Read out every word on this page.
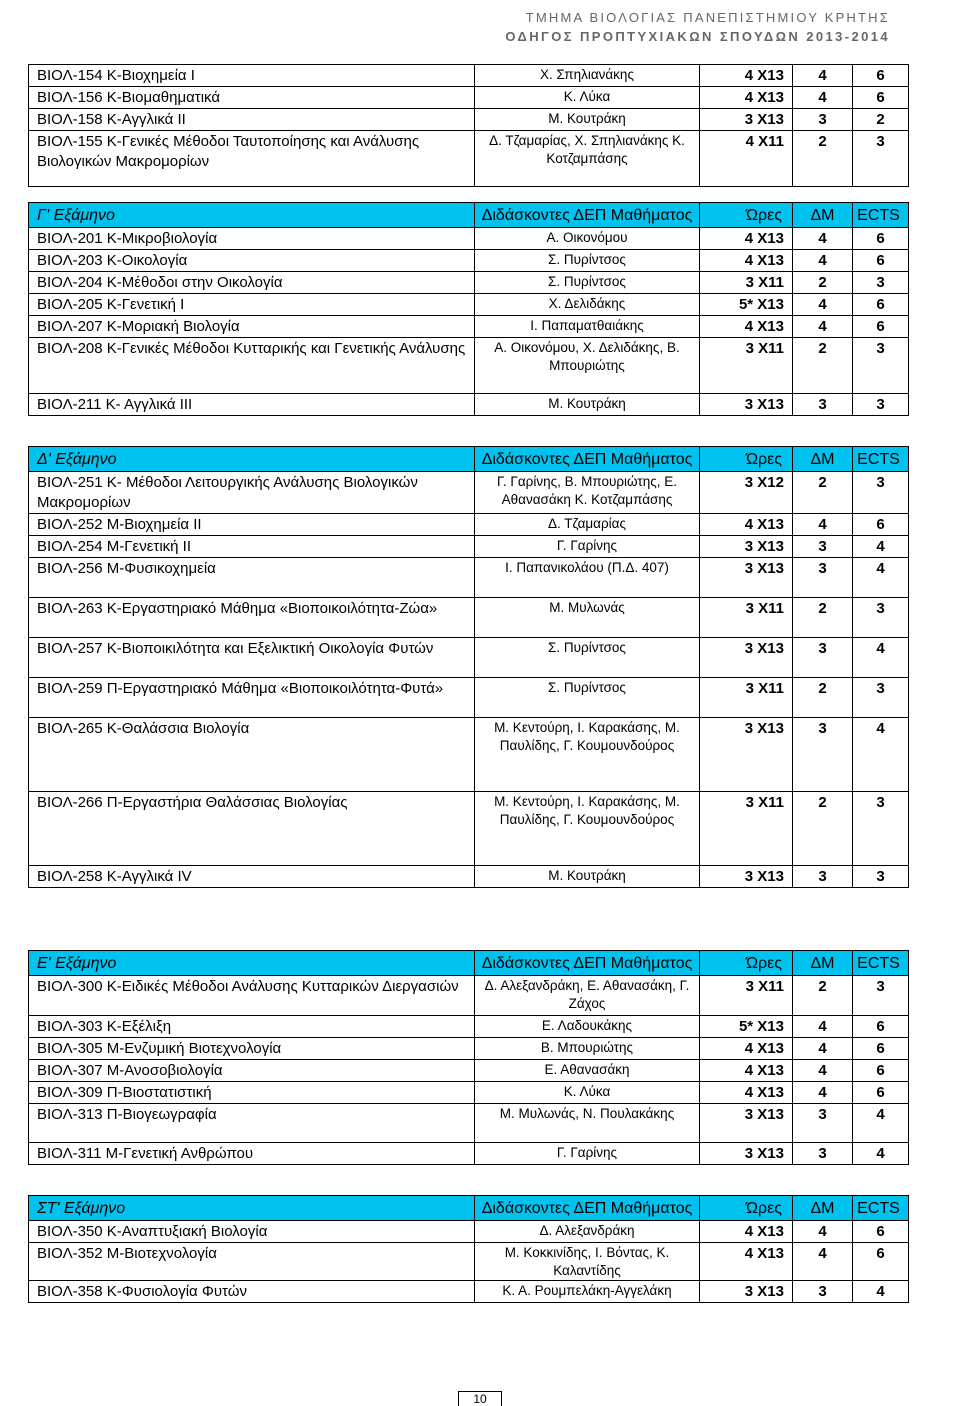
ΤΜΗΜΑ ΒΙΟΛΟΓΙΑΣ ΠΑΝΕΠΙΣΤΗΜΙΟΥ ΚΡΗΤΗΣ
ΟΔΗΓΟΣ ΠΡΟΠΤΥΧΙΑΚΩΝ ΣΠΟΥΔΩΝ 2013-2014
ΒΙΟΛ-154 Κ-Βιοχημεία Ι	Χ. Σπηλιανάκης	4 Χ13	4	6
ΒΙΟΛ-156 Κ-Βιομαθηματικά	Κ. Λύκα	4 Χ13	4	6
ΒΙΟΛ-158 Κ-Αγγλικά ΙΙ	Μ. Κουτράκη	3 Χ13	3	2
ΒΙΟΛ-155 Κ-Γενικές Μέθοδοι Ταυτοποίησης και Ανάλυσης Βιολογικών Μακρομορίων	Δ. Τζαμαρίας, Χ. Σπηλιανάκης Κ. Κοτζαμπάσης	4 Χ11	2	3
Γ' Εξάμηνο	Διδάσκοντες ΔΕΠ Μαθήματος	Ώρες	ΔΜ	ECTS
ΒΙΟΛ-201 Κ-Μικροβιολογία	Α. Οικονόμου	4 Χ13	4	6
ΒΙΟΛ-203 Κ-Οικολογία	Σ. Πυρίντσος	4 Χ13	4	6
ΒΙΟΛ-204 Κ-Μέθοδοι στην Οικολογία	Σ. Πυρίντσος	3 Χ11	2	3
ΒΙΟΛ-205 Κ-Γενετική Ι	Χ. Δελιδάκης	5* Χ13	4	6
ΒΙΟΛ-207 Κ-Μοριακή Βιολογία	Ι. Παπαματθαιάκης	4 Χ13	4	6
ΒΙΟΛ-208 Κ-Γενικές Μέθοδοι Κυτταρικής και Γενετικής Ανάλυσης	Α. Οικονόμου, Χ. Δελιδάκης, Β. Μπουριώτης	3 Χ11	2	3
ΒΙΟΛ-211 Κ- Αγγλικά ΙΙΙ	Μ. Κουτράκη	3 Χ13	3	3
Δ' Εξάμηνο	Διδάσκοντες ΔΕΠ Μαθήματος	Ώρες	ΔΜ	ECTS
ΒΙΟΛ-251 Κ- Μέθοδοι Λειτουργικής Ανάλυσης Βιολογικών Μακρομορίων	Γ. Γαρίνης, Β. Μπουριώτης, Ε. Αθανασάκη Κ. Κοτζαμπάσης	3 Χ12	2	3
ΒΙΟΛ-252 Μ-Βιοχημεία ΙΙ	Δ. Τζαμαρίας	4 Χ13	4	6
ΒΙΟΛ-254 Μ-Γενετική ΙΙ	Γ. Γαρίνης	3 Χ13	3	4
ΒΙΟΛ-256 Μ-Φυσικοχημεία	Ι. Παπανικολάου (Π.Δ. 407)	3 Χ13	3	4
ΒΙΟΛ-263 Κ-Εργαστηριακό Μάθημα «Βιοποικοιλότητα-Ζώα»	Μ. Μυλωνάς	3 Χ11	2	3
ΒΙΟΛ-257 Κ-Βιοποικιλότητα και Εξελικτική Οικολογία Φυτών	Σ. Πυρίντσος	3 Χ13	3	4
ΒΙΟΛ-259 Π-Εργαστηριακό Μάθημα «Βιοποικοιλότητα-Φυτά»	Σ. Πυρίντσος	3 Χ11	2	3
ΒΙΟΛ-265 Κ-Θαλάσσια Βιολογία	Μ. Κεντούρη, Ι. Καρακάσης, Μ. Παυλίδης, Γ. Κουμουνδούρος	3 Χ13	3	4
ΒΙΟΛ-266 Π-Εργαστήρια Θαλάσσιας Βιολογίας	Μ. Κεντούρη, Ι. Καρακάσης, Μ. Παυλίδης, Γ. Κουμουνδούρος	3 Χ11	2	3
ΒΙΟΛ-258 Κ-Αγγλικά IV	Μ. Κουτράκη	3 Χ13	3	3
Ε' Εξάμηνο	Διδάσκοντες ΔΕΠ Μαθήματος	Ώρες	ΔΜ	ECTS
ΒΙΟΛ-300 Κ-Ειδικές Μέθοδοι Ανάλυσης Κυτταρικών Διεργασιών	Δ. Αλεξανδράκη, Ε. Αθανασάκη, Γ. Ζάχος	3 Χ11	2	3
ΒΙΟΛ-303 Κ-Εξέλιξη	Ε. Λαδουκάκης	5* Χ13	4	6
ΒΙΟΛ-305 Μ-Ενζυμική Βιοτεχνολογία	Β. Μπουριώτης	4 Χ13	4	6
ΒΙΟΛ-307 Μ-Ανοσοβιολογία	Ε. Αθανασάκη	4 Χ13	4	6
ΒΙΟΛ-309 Π-Βιοστατιστική	Κ. Λύκα	4 Χ13	4	6
ΒΙΟΛ-313 Π-Βιογεωγραφία	Μ. Μυλωνάς, Ν. Πουλακάκης	3 Χ13	3	4
ΒΙΟΛ-311 Μ-Γενετική Ανθρώπου	Γ. Γαρίνης	3 Χ13	3	4
ΣΤ' Εξάμηνο	Διδάσκοντες ΔΕΠ Μαθήματος	Ώρες	ΔΜ	ECTS
ΒΙΟΛ-350 Κ-Αναπτυξιακή Βιολογία	Δ. Αλεξανδράκη	4 Χ13	4	6
ΒΙΟΛ-352 Μ-Βιοτεχνολογία	Μ. Κοκκινίδης, Ι. Βόντας, Κ. Καλαντίδης	4 Χ13	4	6
ΒΙΟΛ-358 Κ-Φυσιολογία Φυτών	Κ. Α. Ρουμπελάκη-Αγγελάκη	3 Χ13	3	4
10
